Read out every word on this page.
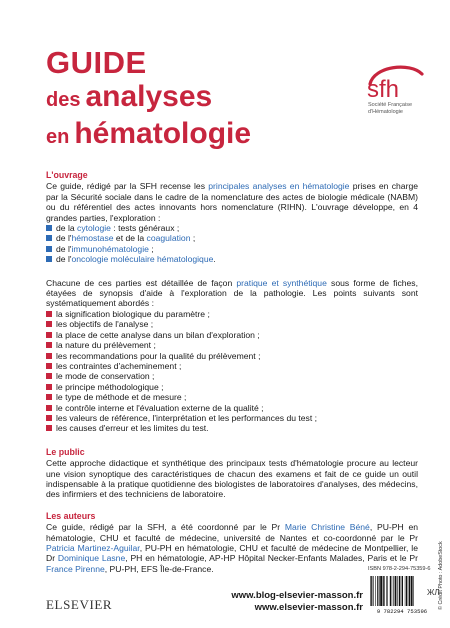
GUIDE
des analyses
en hématologie
sfh
Société Française
d'Hématologie
L'ouvrage

Ce guide, rédigé par la SFH recense les principales analyses en hématologie prises en charge par la Sécurité sociale dans le cadre de la nomenclature des actes de biologie médicale (NABM) ou du référentiel des actes innovants hors nomenclature (RIHN). L'ouvrage développe, en 4 grandes parties, l'exploration :

de la cytologie : tests généraux ;
de l'hémostase et de la coagulation ;
de l'immunohématologie ;
de l'oncologie moléculaire hématologique.

Chacune de ces parties est détaillée de façon pratique et synthétique sous forme de fiches, étayées de synopsis d'aide à l'exploration de la pathologie. Les points suivants sont systématiquement abordés :

la signification biologique du paramètre ;
les objectifs de l'analyse ;
la place de cette analyse dans un bilan d'exploration ;
la nature du prélèvement ;
les recommandations pour la qualité du prélèvement ;
les contraintes d'acheminement ;
le mode de conservation ;
le principe méthodologique ;
le type de méthode et de mesure ;
le contrôle interne et l'évaluation externe de la qualité ;
les valeurs de référence, l'interprétation et les performances du test ;
les causes d'erreur et les limites du test.
Le public

Cette approche didactique et synthétique des principaux tests d'hématologie procure au lecteur une vision synoptique des caractéristiques de chacun des examens et fait de ce guide un outil indispensable à la pratique quotidienne des biologistes de laboratoires d'analyses, des médecins, des infirmiers et des techniciens de laboratoire.

Les auteurs

Ce guide, rédigé par la SFH, a été coordonné par le Pr Marie Christine Béné, PU-PH en hématologie, CHU et faculté de médecine, université de Nantes et co-coordonné par le Pr Patricia Martinez-Aguilar, PU-PH en hématologie, CHU et faculté de médecine de Montpellier, le Dr Dominique Lasne, PH en hématologie, AP-HP Hôpital Necker-Enfants Malades, Paris et le Pr France Pirenne, PU-PH, EFS Île-de-France.

ELSEVIER
www.blog-elsevier-masson.fr
www.elsevier-masson.fr
ISBN 978-2-294-75359-6
9 782294 753596
© Crédit Photo : AdobeStock
ЖЛ
